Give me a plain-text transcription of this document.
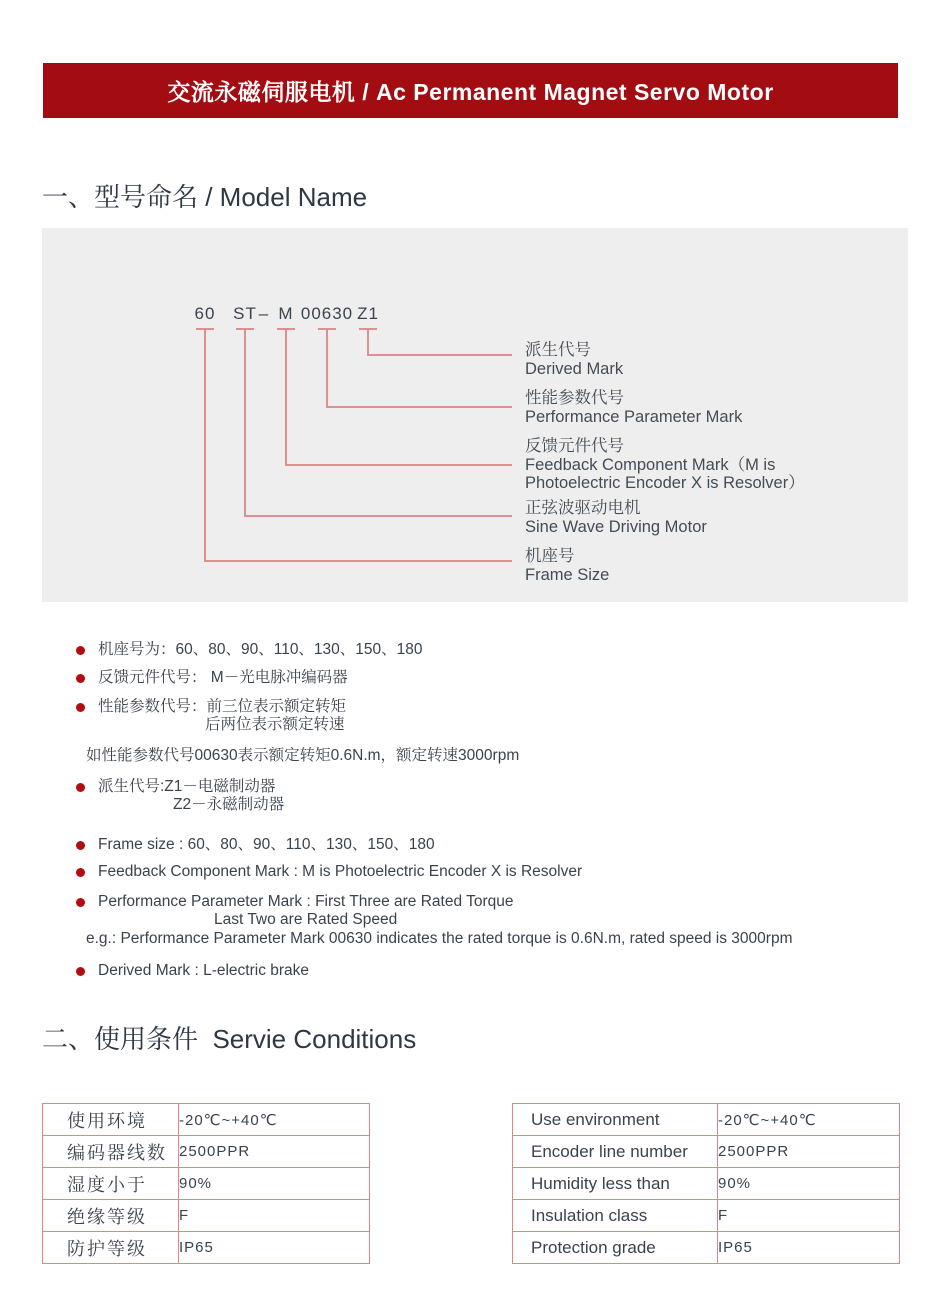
交流永磁伺服电机 / Ac Permanent Magnet Servo Motor
一、型号命名 / Model Name
60 ST – M 00630 Z1
派生代号
Derived Mark
性能参数代号
Performance Parameter Mark
反馈元件代号
Feedback Component Mark（M is
Photoelectric Encoder X is Resolver）
正弦波驱动电机
Sine Wave Driving Motor
机座号
Frame Size
机座号为：60、80、90、110、130、150、180
反馈元件代号： M－光电脉冲编码器
性能参数代号：前三位表示额定转矩
后两位表示额定转速
如性能参数代号00630表示额定转矩0.6N.m，额定转速3000rpm
派生代号:Z1－电磁制动器
Z2－永磁制动器
Frame size : 60、80、90、110、130、150、180
Feedback Component Mark : M is Photoelectric Encoder X is Resolver
Performance Parameter Mark : First Three are Rated Torque
Last Two are Rated Speed
e.g.: Performance Parameter Mark 00630 indicates the rated torque is 0.6N.m, rated speed is 3000rpm
Derived Mark : L-electric brake
二、使用条件  Servie Conditions
使用环境	-20℃~+40℃
编码器线数	2500PPR
湿度小于	90%
绝缘等级	F
防护等级	IP65
Use environment	-20℃~+40℃
Encoder line number	2500PPR
Humidity less than	90%
Insulation class	F
Protection grade	IP65
